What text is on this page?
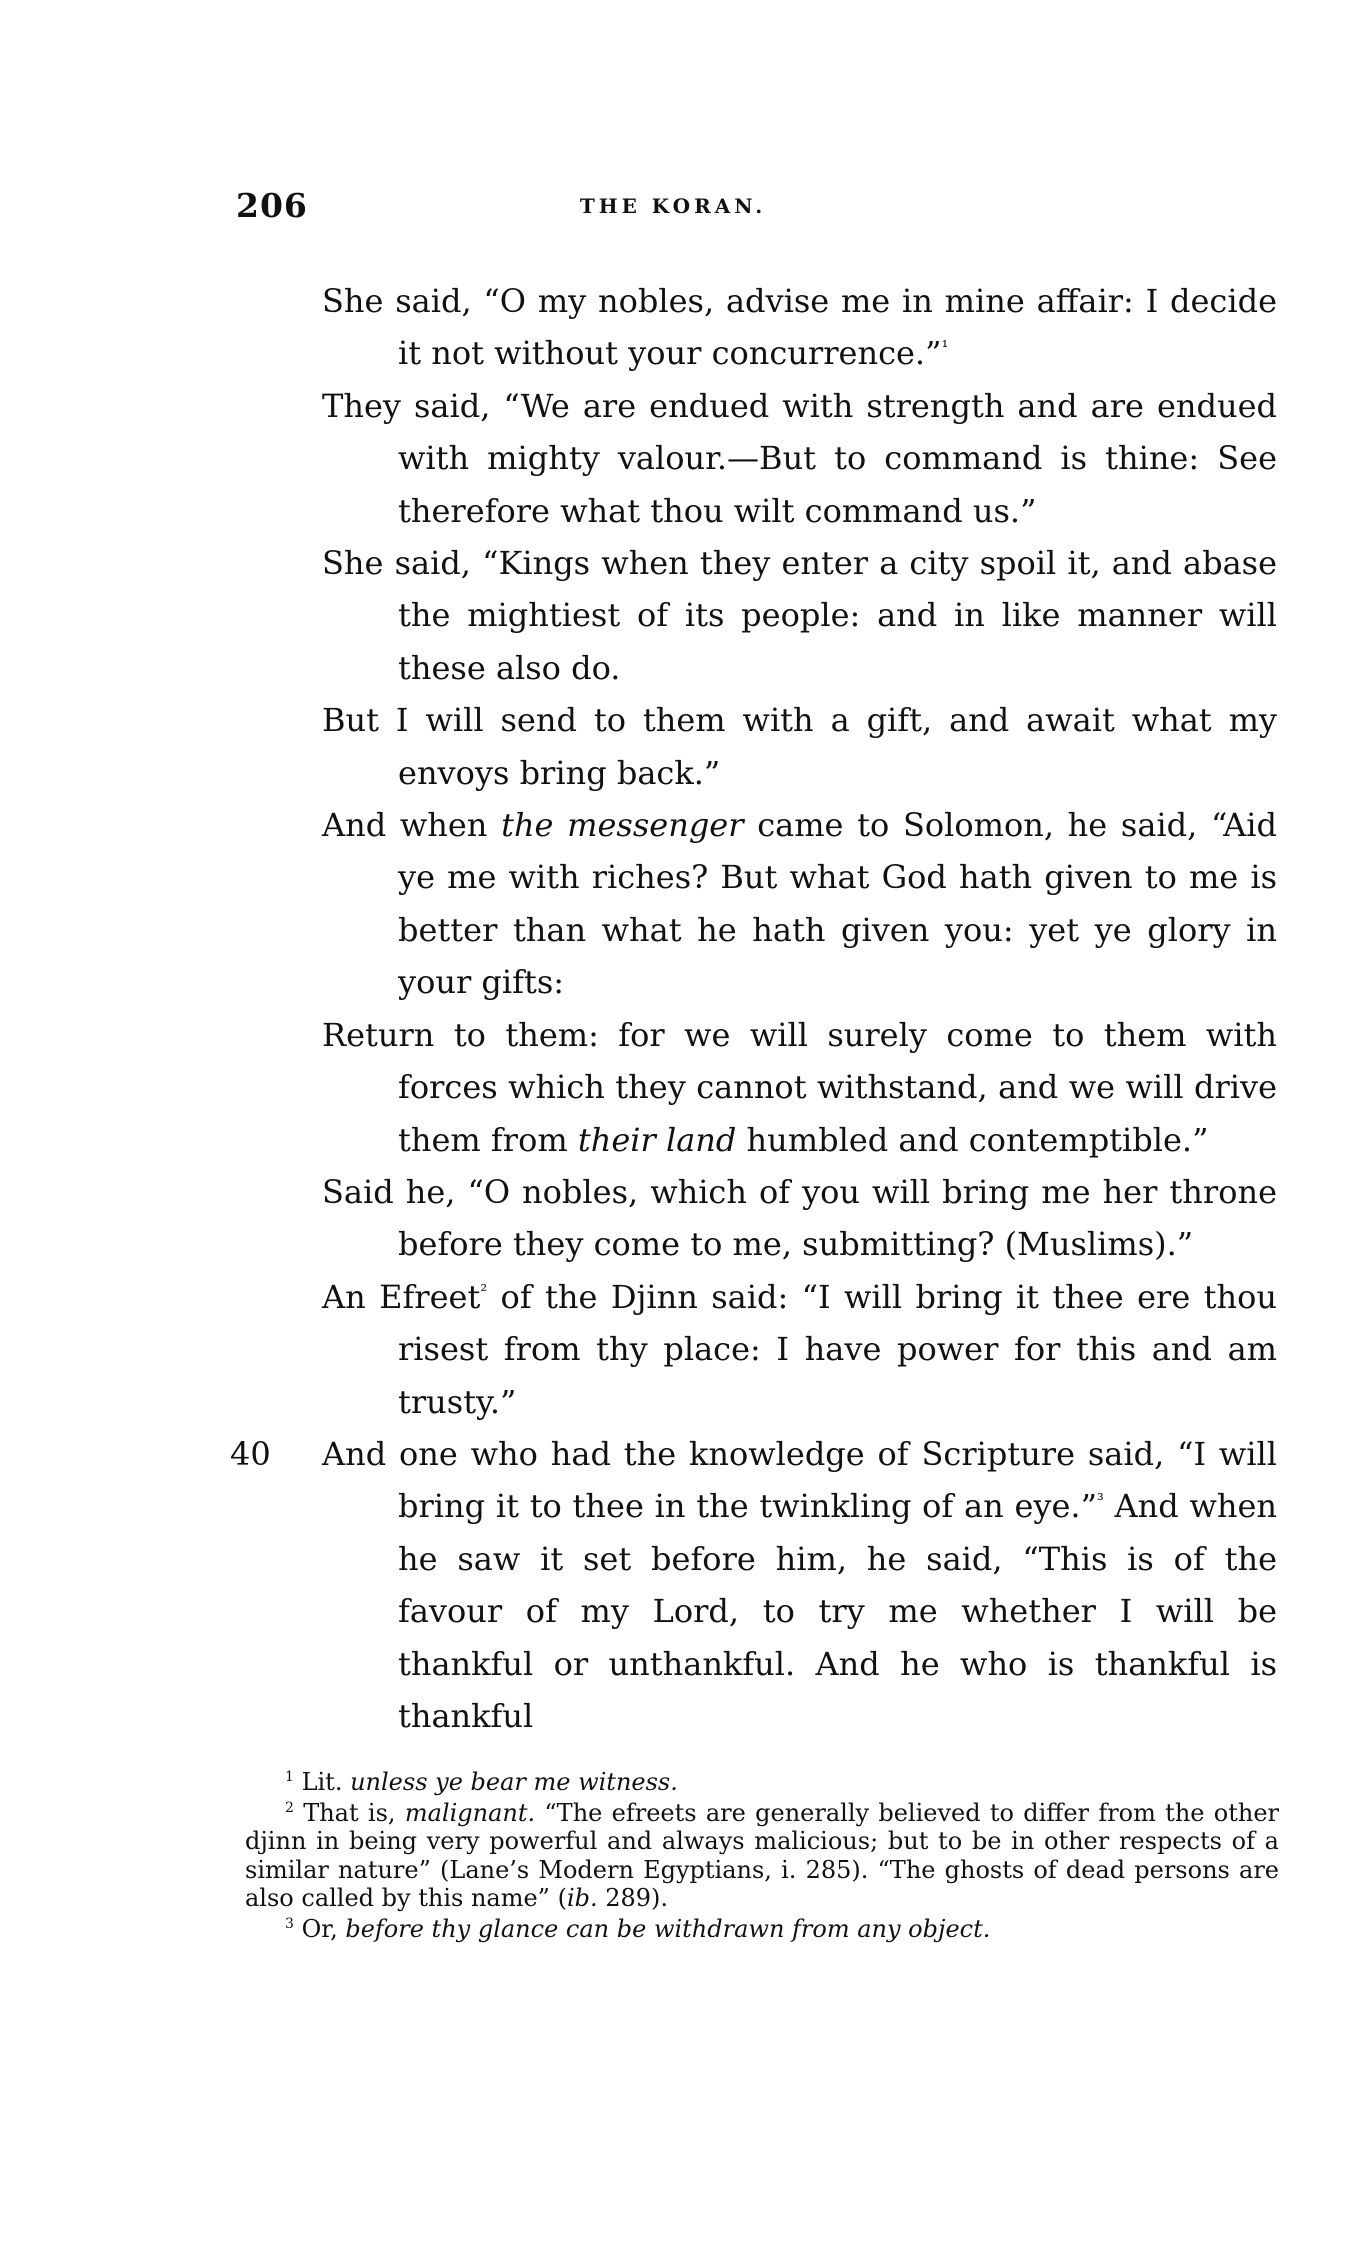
206	THE KORAN.
She said, “O my nobles, advise me in mine affair: I decide it not without your concurrence.”$^{^1}$
They said, “We are endued with strength and are endued with mighty valour.—But to command is thine: See therefore what thou wilt command us.”
She said, “Kings when they enter a city spoil it, and abase the mightiest of its people: and in like manner will these also do.
But I will send to them with a gift, and await what my envoys bring back.”
And when the messenger came to Solomon, he said, “Aid ye me with riches? But what God hath given to me is better than what he hath given you: yet ye glory in your gifts:
Return to them: for we will surely come to them with forces which they cannot withstand, and we will drive them from their land humbled and contemptible.”
Said he, “O nobles, which of you will bring me her throne before they come to me, submitting? (Muslims).”
An Efreet$^{^2}$ of the Djinn said: “I will bring it thee ere thou risest from thy place: I have power for this and am trusty.”
40 And one who had the knowledge of Scripture said, “I will bring it to thee in the twinkling of an eye.”$^{^3}$ And when he saw it set before him, he said, “This is of the favour of my Lord, to try me whether I will be thankful or unthankful. And he who is thankful is thankful

$^1$ Lit. unless ye bear me witness.

$^2$ That is, malignant. “The efreets are generally believed to differ from the other djinn in being very powerful and always malicious; but to be in other respects of a similar nature” (Lane’s Modern Egyptians, i. 285). “The ghosts of dead persons are also called by this name” (ib. 289).

$^3$ Or, before thy glance can be withdrawn from any object.
